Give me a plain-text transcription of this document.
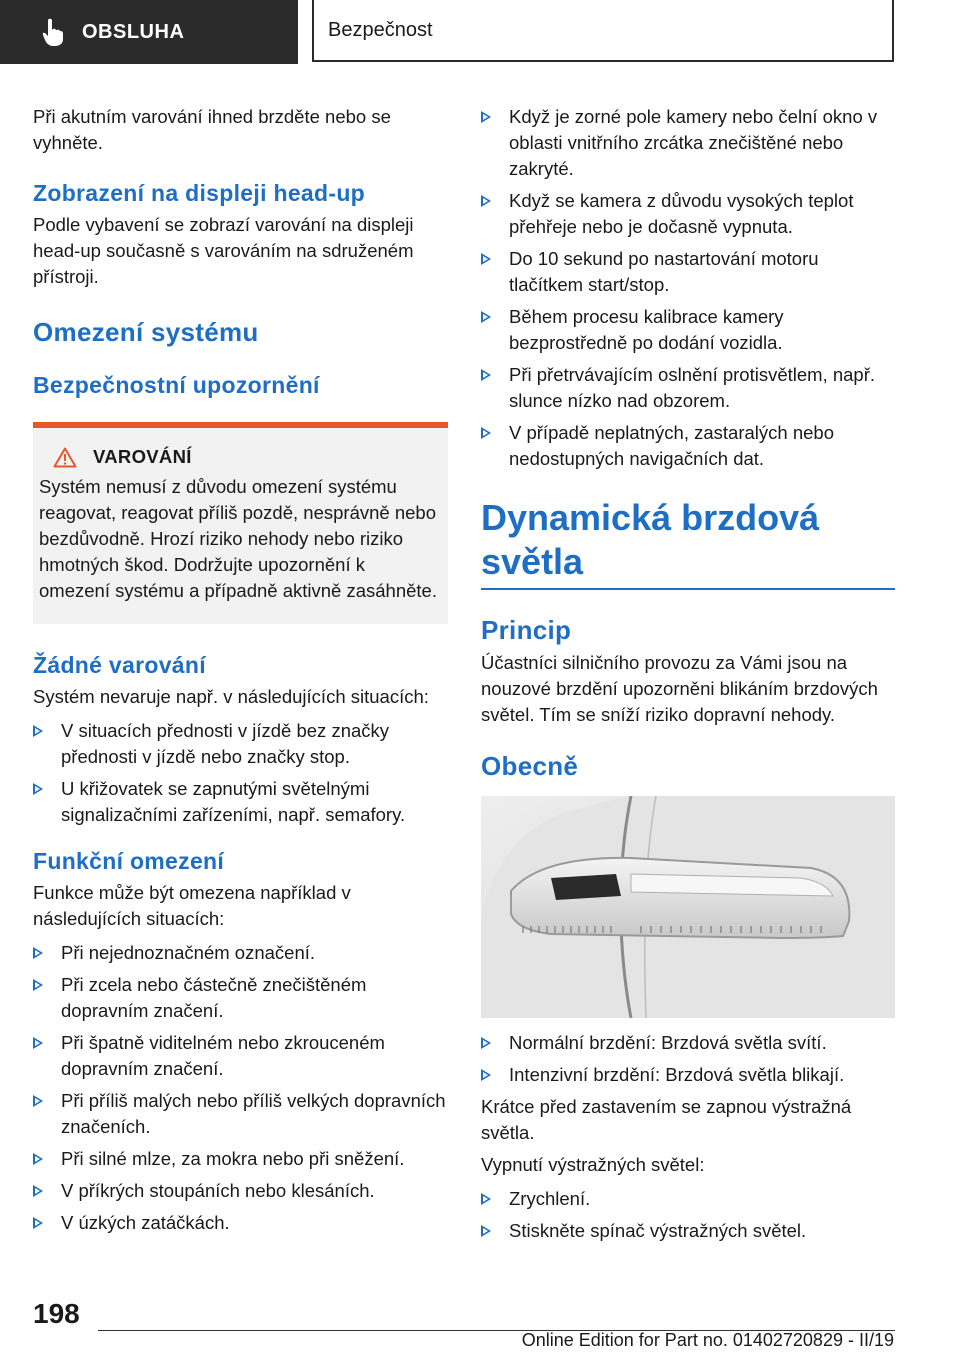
OBSLUHA	Bezpečnost

Při akutním varování ihned brzděte nebo se vyhněte.

Zobrazení na displeji head-up

Podle vybavení se zobrazí varování na displeji head-up současně s varováním na sdruženém přístroji.

Omezení systému
Bezpečnostní upozornění
VAROVÁNÍ

Systém nemusí z důvodu omezení systému reagovat, reagovat příliš pozdě, nesprávně nebo bezdůvodně. Hrozí riziko nehody nebo riziko hmotných škod. Dodržujte upozornění k omezení systému a případně aktivně zasáhněte.

Žádné varování

Systém nevaruje např. v následujících situacích:

V situacích přednosti v jízdě bez značky přednosti v jízdě nebo značky stop.
U křižovatek se zapnutými světelnými signalizačními zařízeními, např. semafory.
Funkční omezení

Funkce může být omezena například v následujících situacích:

Při nejednoznačném označení.
Při zcela nebo částečně znečištěném dopravním značení.
Při špatně viditelném nebo zkrouceném dopravním značení.
Při příliš malých nebo příliš velkých dopravních značeních.
Při silné mlze, za mokra nebo při sněžení.
V příkrých stoupáních nebo klesáních.
V úzkých zatáčkách.
Když je zorné pole kamery nebo čelní okno v oblasti vnitřního zrcátka znečištěné nebo zakryté.
Když se kamera z důvodu vysokých teplot přehřeje nebo je dočasně vypnuta.
Do 10 sekund po nastartování motoru tlačítkem start/stop.
Během procesu kalibrace kamery bezprostředně po dodání vozidla.
Při přetrvávajícím oslnění protisvětlem, např. slunce nízko nad obzorem.
V případě neplatných, zastaralých nebo nedostupných navigačních dat.
Dynamická brzdová světla
Princip

Účastníci silničního provozu za Vámi jsou na nouzové brzdění upozorněni blikáním brzdových světel. Tím se sníží riziko dopravní nehody.

Obecně
Normální brzdění: Brzdová světla svítí.
Intenzivní brzdění: Brzdová světla blikají.

Krátce před zastavením se zapnou výstražná světla.

Vypnutí výstražných světel:

Zrychlení.
Stiskněte spínač výstražných světel.
198
Online Edition for Part no. 01402720829 - II/19
